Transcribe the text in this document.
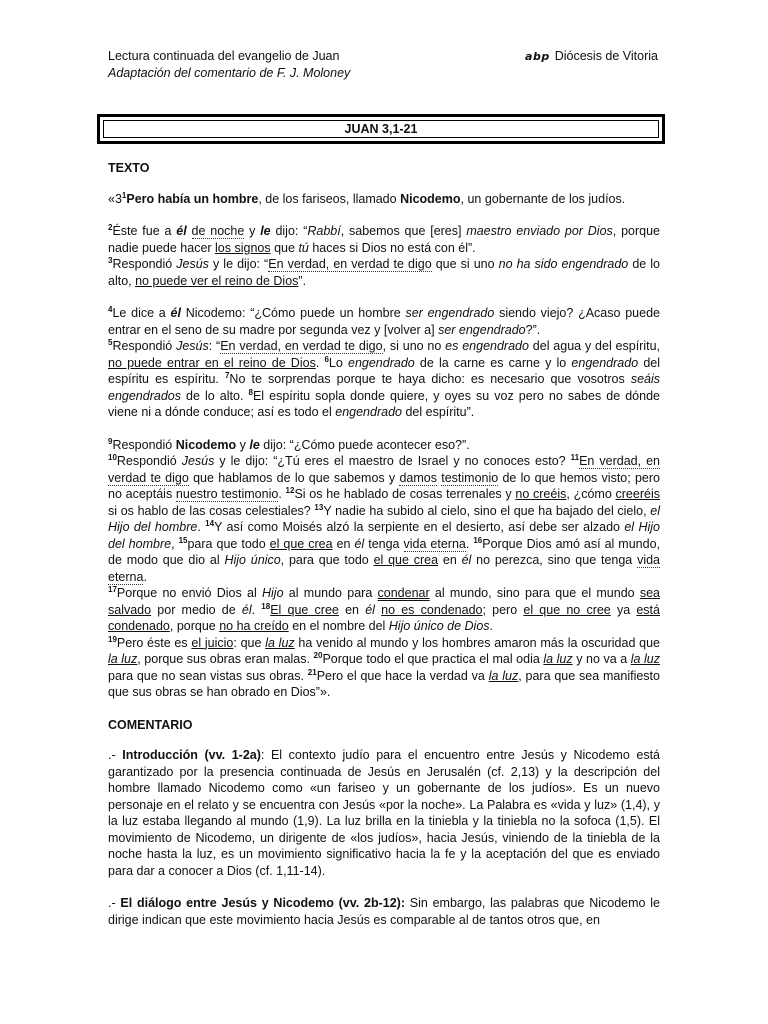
Lectura continuada del evangelio de Juan
Adaptación del comentario de F. J. Moloney
abp Diócesis de Vitoria
JUAN 3,1-21
TEXTO

«$3^1Pero$ había un hombre, de los fariseos, llamado Nicodemo, un gobernante de los judíos.

$^2$Éste fue a él de noche y le dijo: “Rabbí, sabemos que [eres] maestro enviado por Dios, porque nadie puede hacer los signos que tú haces si Dios no está con él”.
$^3$Respondió Jesús y le dijo: “En verdad, en verdad te digo que si uno no ha sido engendrado de lo alto, no puede ver el reino de Dios”.

$^4$Le dice a él Nicodemo: “¿Cómo puede un hombre ser engendrado siendo viejo? ¿Acaso puede entrar en el seno de su madre por segunda vez y [volver a] ser engendrado?”.
$^5$Respondió Jesús: “En verdad, en verdad te digo, si uno no es engendrado del agua y del espíritu, no puede entrar en el reino de Dios. $^6$Lo engendrado de la carne es carne y lo engendrado del espíritu es espíritu. $^7$No te sorprendas porque te haya dicho: es necesario que vosotros seáis engendrados de lo alto. $^8$El espíritu sopla donde quiere, y oyes su voz pero no sabes de dónde viene ni a dónde conduce; así es todo el engendrado del espíritu”.

$^9$Respondió Nicodemo y le dijo: “¿Cómo puede acontecer eso?”.
$^{10}$Respondió Jesús y le dijo: “¿Tú eres el maestro de Israel y no conoces esto? $^{11}$En verdad, en verdad te digo que hablamos de lo que sabemos y damos testimonio de lo que hemos visto; pero no aceptáis nuestro testimonio. $^{12}$Si os he hablado de cosas terrenales y no creéis, ¿cómo creeréis si os hablo de las cosas celestiales? $^{13}$Y nadie ha subido al cielo, sino el que ha bajado del cielo, el Hijo del hombre. $^{14}$Y así como Moisés alzó la serpiente en el desierto, así debe ser alzado el Hijo del hombre, $^{15}$para que todo el que crea en él tenga vida eterna. $^{16}$Porque Dios amó así al mundo, de modo que dio al Hijo único, para que todo el que crea en él no perezca, sino que tenga vida eterna.
$^{17}$Porque no envió Dios al Hijo al mundo para condenar al mundo, sino para que el mundo sea salvado por medio de él. $^{18}$El que cree en él no es condenado; pero el que no cree ya está condenado, porque no ha creído en el nombre del Hijo único de Dios.
$^{19}$Pero éste es el juicio: que la luz ha venido al mundo y los hombres amaron más la oscuridad que la luz, porque sus obras eran malas. $^{20}$Porque todo el que practica el mal odia la luz y no va a la luz para que no sean vistas sus obras. $^{21}$Pero el que hace la verdad va la luz, para que sea manifiesto que sus obras se han obrado en Dios”».

COMENTARIO

.- Introducción (vv. 1-2a): El contexto judío para el encuentro entre Jesús y Nicodemo está garantizado por la presencia continuada de Jesús en Jerusalén (cf. 2,13) y la descripción del hombre llamado Nicodemo como «un fariseo y un gobernante de los judíos». Es un nuevo personaje en el relato y se encuentra con Jesús «por la noche». La Palabra es «vida y luz» (1,4), y la luz estaba llegando al mundo (1,9). La luz brilla en la tiniebla y la tiniebla no la sofoca (1,5). El movimiento de Nicodemo, un dirigente de «los judíos», hacia Jesús, viniendo de la tiniebla de la noche hasta la luz, es un movimiento significativo hacia la fe y la aceptación del que es enviado para dar a conocer a Dios (cf. 1,11-14).

.- El diálogo entre Jesús y Nicodemo (vv. 2b-12): Sin embargo, las palabras que Nicodemo le dirige indican que este movimiento hacia Jesús es comparable al de tantos otros que, en
